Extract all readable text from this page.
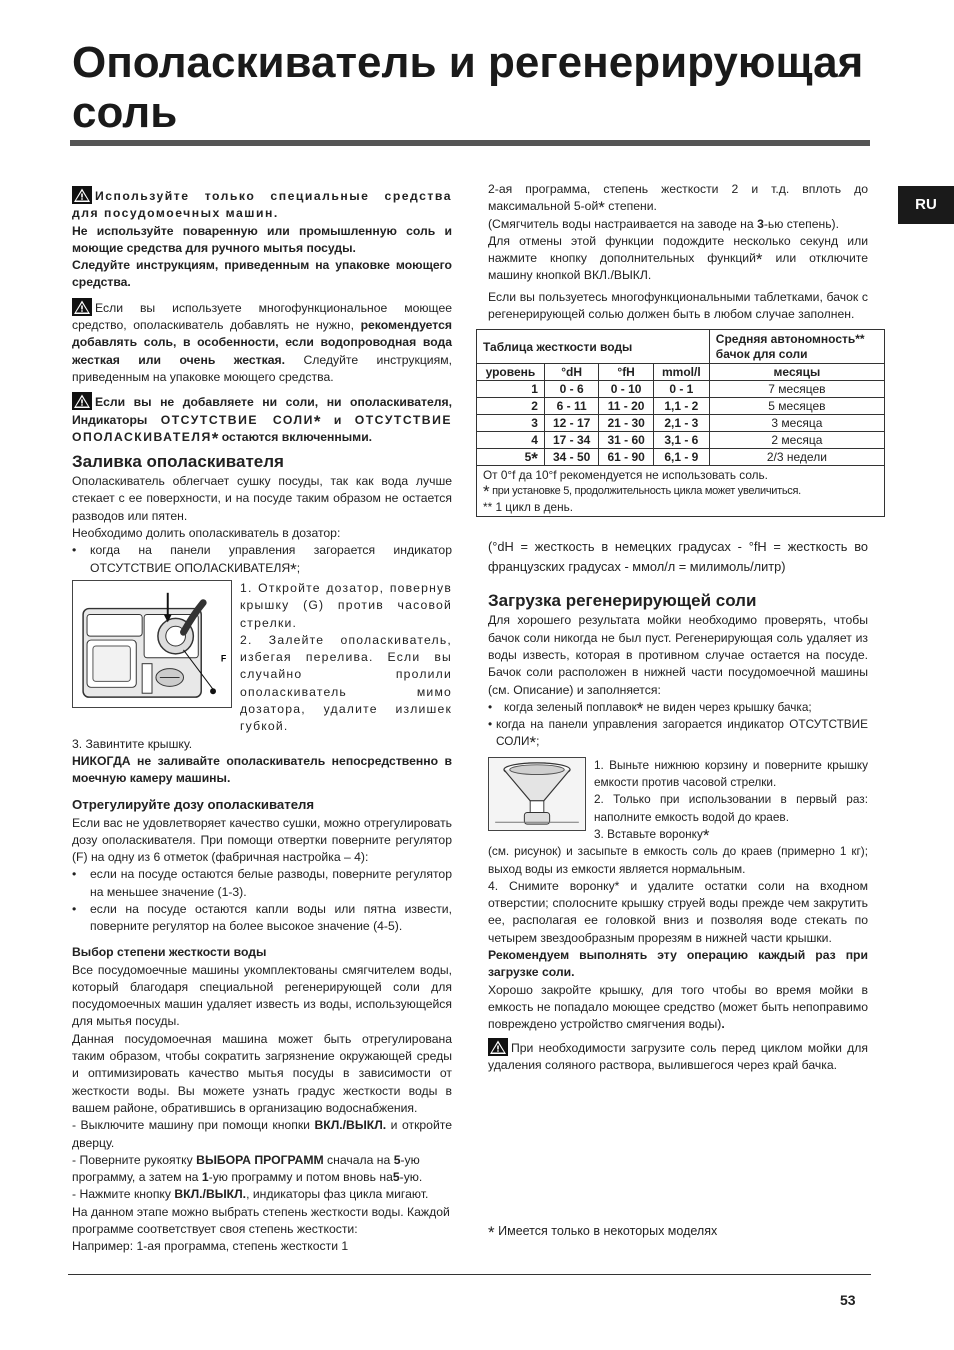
Ополаскиватель и регенерирующая соль
RU
Используйте только специальные средства для посудомоечных машин.
Не используйте поваренную или промышленную соль и моющие средства для ручного мытья посуды.
Следуйте инструкциям, приведенным на упаковке моющего средства.
Если вы используете многофункциональное моющее средство, ополаскиватель добавлять не нужно, рекомендуется добавлять соль, в особенности, если водопроводная вода жесткая или очень жесткая. Следуйте инструкциям, приведенным на упаковке моющего средства.
Если вы не добавляете ни соли, ни ополаскивателя, Индикаторы ОТСУТСТВИЕ СОЛИ* и ОТСУТСТВИЕ ОПОЛАСКИВАТЕЛЯ* остаются включенными.
Заливка ополаскивателя
Ополаскиватель облегчает сушку посуды, так как вода лучше стекает с ее поверхности, и на посуде таким образом не остается разводов или пятен.
Необходимо долить ополаскиватель в дозатор:
• когда на панели управления загорается индикатор ОТСУТСТВИЕ ОПОЛАСКИВАТЕЛЯ*;
F
1. Откройте дозатор, повернув крышку (G) против часовой стрелки.
2. Залейте ополаскиватель, избегая перелива. Если вы случайно пролили ополаскиватель мимо дозатора, удалите излишек губкой.
3. Завинтите крышку.
НИКОГДА не заливайте ополаскиватель непосредственно в моечную камеру машины.
Отрегулируйте дозу ополаскивателя
Если вас не удовлетворяет качество сушки, можно отрегулировать дозу ополаскивателя. При помощи отвертки поверните регулятор (F) на одну из 6 отметок (фабричная настройка – 4):
• если на посуде остаются белые разводы, поверните регулятор на меньшее значение (1-3).
• если на посуде остаются капли воды или пятна извести, поверните регулятор на более высокое значение (4-5).
Выбор степени жесткости воды
Все посудомоечные машины укомплектованы смягчителем воды, который благодаря специальной регенерирующей соли для посудомоечных машин удаляет известь из воды, использующейся для мытья посуды.
Данная посудомоечная машина может быть отрегулирована таким образом, чтобы сократить загрязнение окружающей среды и оптимизировать качество мытья посуды в зависимости от жесткости воды. Вы можете узнать градус жесткости воды в вашем районе, обратившись в организацию водоснабжения.
- Выключите машину при помощи кнопки ВКЛ./ВЫКЛ. и откройте дверцу.
- Поверните рукоятку ВЫБОРА ПРОГРАММ сначала на 5-ую программу, а затем на 1-ую программу и потом вновь на5-ую.
- Нажмите кнопку ВКЛ./ВЫКЛ., индикаторы фаз цикла мигают.
На данном этапе можно выбрать степень жесткости воды. Каждой программе соответствует своя степень жесткости:
Например: 1-ая программа, степень жесткости 1
2-ая программа, степень жесткости 2 и т.д. вплоть до максимальной 5-ой* степени.
(Смягчитель воды настраивается на заводе на 3-ью степень).
Для отмены этой функции подождите несколько секунд или нажмите кнопку дополнительных функций* или отключите машину кнопкой ВКЛ./ВЫКЛ.
Если вы пользуетесь многофункциональными таблетками, бачок с регенерирующей солью должен быть в любом случае заполнен.
Таблица жесткости воды				Средняя автономность**
бачок для соли
уровень	°dH	°fH	mmol/l	месяцы
1	0 - 6	0 - 10	0 - 1	7 месяцев
2	6 - 11	11 - 20	1,1 - 2	5 месяцев
3	12 - 17	21 - 30	2,1 - 3	3 месяца
4	17 - 34	31 - 60	3,1 - 6	2 месяца
5*	34 - 50	61 - 90	6,1 - 9	2/3 недели

От 0°f да 10°f рекомендуется не использовать соль.
* при установке 5, продолжительность цикла может увеличиться.
** 1 цикл в день.				
(°dH = жесткость в немецких градусах - °fH = жесткость во французских градусах - ммол/л = милимоль/литр)
Загрузка регенерирующей соли
Для хорошего результата мойки необходимо проверять, чтобы бачок соли никогда не был пуст. Регенерирующая соль удаляет из воды известь, которая в противном случае остается на посуде. Бачок соли расположен в нижней части посудомоечной машины (см. Описание) и заполняется:
• когда зеленый поплавок* не виден через крышку бачка;
• когда на панели управления загорается индикатор ОТСУТСТВИЕ СОЛИ*;
1. Выньте нижнюю корзину и поверните крышку емкости против часовой стрелки.
2. Только при использовании в первый раз: наполните емкость водой до краев.
3. Вставьте воронку*
(см. рисунок) и засыпьте в емкость соль до краев (примерно 1 кг); выход воды из емкости является нормальным.
4. Снимите воронку* и удалите остатки соли на входном отверстии; сполосните крышку струей воды прежде чем закрутить ее, располагая ее головкой вниз и позволяя воде стекать по четырем звездообразным прорезям в нижней части крышки.
Рекомендуем выполнять эту операцию каждый раз при загрузке соли.
Хорошо закройте крышку, для того чтобы во время мойки в емкость не попадало моющее средство (может быть непоправимо повреждено устройство смягчения воды).
При необходимости загрузите соль перед циклом мойки для удаления соляного раствора, вылившегося через край бачка.
* Имеется только в некоторых моделях
53
